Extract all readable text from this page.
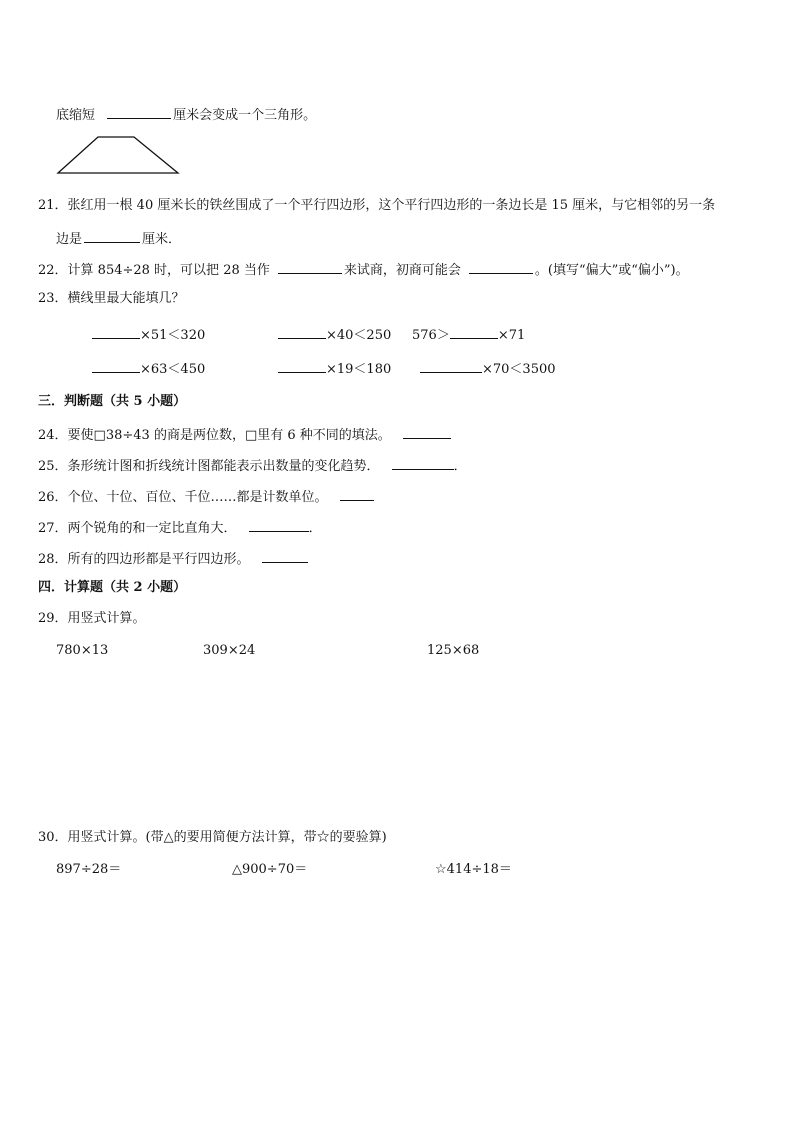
底缩短	厘米会变成一个三角形。
21．张红用一根 40 厘米长的铁丝围成了一个平行四边形，这个平行四边形的一条边长是 15 厘米，与它相邻的另一条
边是	厘米．
22．计算 854÷28 时，可以把 28 当作	来试商，初商可能会	。(填写“偏大”或“偏小”)。
23．横线里最大能填几？
×51＜320	×40＜250 576＞	×71
×63＜450	×19＜180	×70＜3500
三．判断题（共 5 小题）
24．要使□38÷43 的商是两位数，□里有 6 种不同的填法。
25．条形统计图和折线统计图都能表示出数量的变化趋势．	．
26．个位、十位、百位、千位……都是计数单位。
27．两个锐角的和一定比直角大．	．
28．所有的四边形都是平行四边形。
四．计算题（共 2 小题）
29．用竖式计算。
780×13	309×24	125×68
30．用竖式计算。(带△的要用简便方法计算，带☆的要验算)
897÷28＝	△900÷70＝	☆414÷18＝
